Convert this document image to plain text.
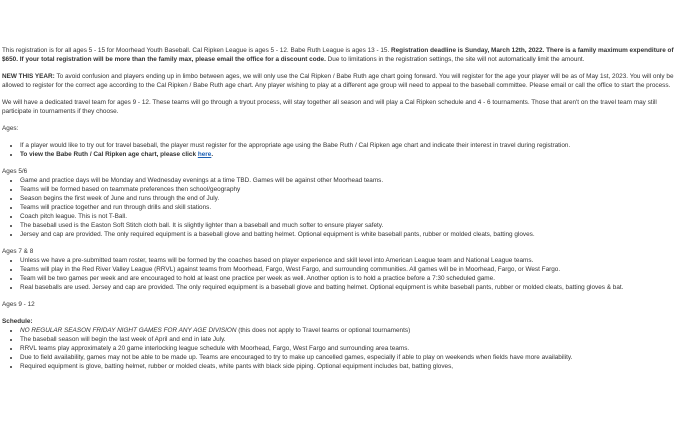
This registration is for all ages 5 - 15 for Moorhead Youth Baseball. Cal Ripken League is ages 5 - 12. Babe Ruth League is ages 13 - 15. Registration deadline is Sunday, March 12th, 2022. There is a family maximum expenditure of $650. If your total registration will be more than the family max, please email the office for a discount code. Due to limitations in the registration settings, the site will not automatically limit the amount.

NEW THIS YEAR: To avoid confusion and players ending up in limbo between ages, we will only use the Cal Ripken / Babe Ruth age chart going forward. You will register for the age your player will be as of May 1st, 2023. You will only be allowed to register for the correct age according to the Cal Ripken / Babe Ruth age chart. Any player wishing to play at a different age group will need to appeal to the baseball committee. Please email or call the office to start the process.

We will have a dedicated travel team for ages 9 - 12. These teams will go through a tryout process, will stay together all season and will play a Cal Ripken schedule and 4 - 6 tournaments. Those that aren't on the travel team may still participate in tournaments if they choose.

Ages:

• If a player would like to try out for travel baseball, the player must register for the appropriate age using the Babe Ruth / Cal Ripken age chart and indicate their interest in travel during registration.
• To view the Babe Ruth / Cal Ripken age chart, please click here.

Ages 5/6

• Game and practice days will be Monday and Wednesday evenings at a time TBD. Games will be against other Moorhead teams.
• Teams will be formed based on teammate preferences then school/geography
• Season begins the first week of June and runs through the end of July.
• Teams will practice together and run through drills and skill stations.
• Coach pitch league. This is not T-Ball.
• The baseball used is the Easton Soft Stitch cloth ball. It is slightly lighter than a baseball and much softer to ensure player safety.
• Jersey and cap are provided. The only required equipment is a baseball glove and batting helmet. Optional equipment is white baseball pants, rubber or molded cleats, batting gloves.

Ages 7 & 8

• Unless we have a pre-submitted team roster, teams will be formed by the coaches based on player experience and skill level into American League team and National League teams.
• Teams will play in the Red River Valley League (RRVL) against teams from Moorhead, Fargo, West Fargo, and surrounding communities. All games will be in Moorhead, Fargo, or West Fargo.
• Team will be two games per week and are encouraged to hold at least one practice per week as well. Another option is to hold a practice before a 7:30 scheduled game.
• Real baseballs are used. Jersey and cap are provided. The only required equipment is a baseball glove and batting helmet. Optional equipment is white baseball pants, rubber or molded cleats, batting gloves & bat.

Ages 9 - 12

Schedule:

• NO REGULAR SEASON FRIDAY NIGHT GAMES FOR ANY AGE DIVISION (this does not apply to Travel teams or optional tournaments)
• The baseball season will begin the last week of April and end in late July.
• RRVL teams play approximately a 20 game interlocking league schedule with Moorhead, Fargo, West Fargo and surrounding area teams.
• Due to field availability, games may not be able to be made up. Teams are encouraged to try to make up cancelled games, especially if able to play on weekends when fields have more availability.
• Required equipment is glove, batting helmet, rubber or molded cleats, white pants with black side piping. Optional equipment includes bat, batting gloves,
